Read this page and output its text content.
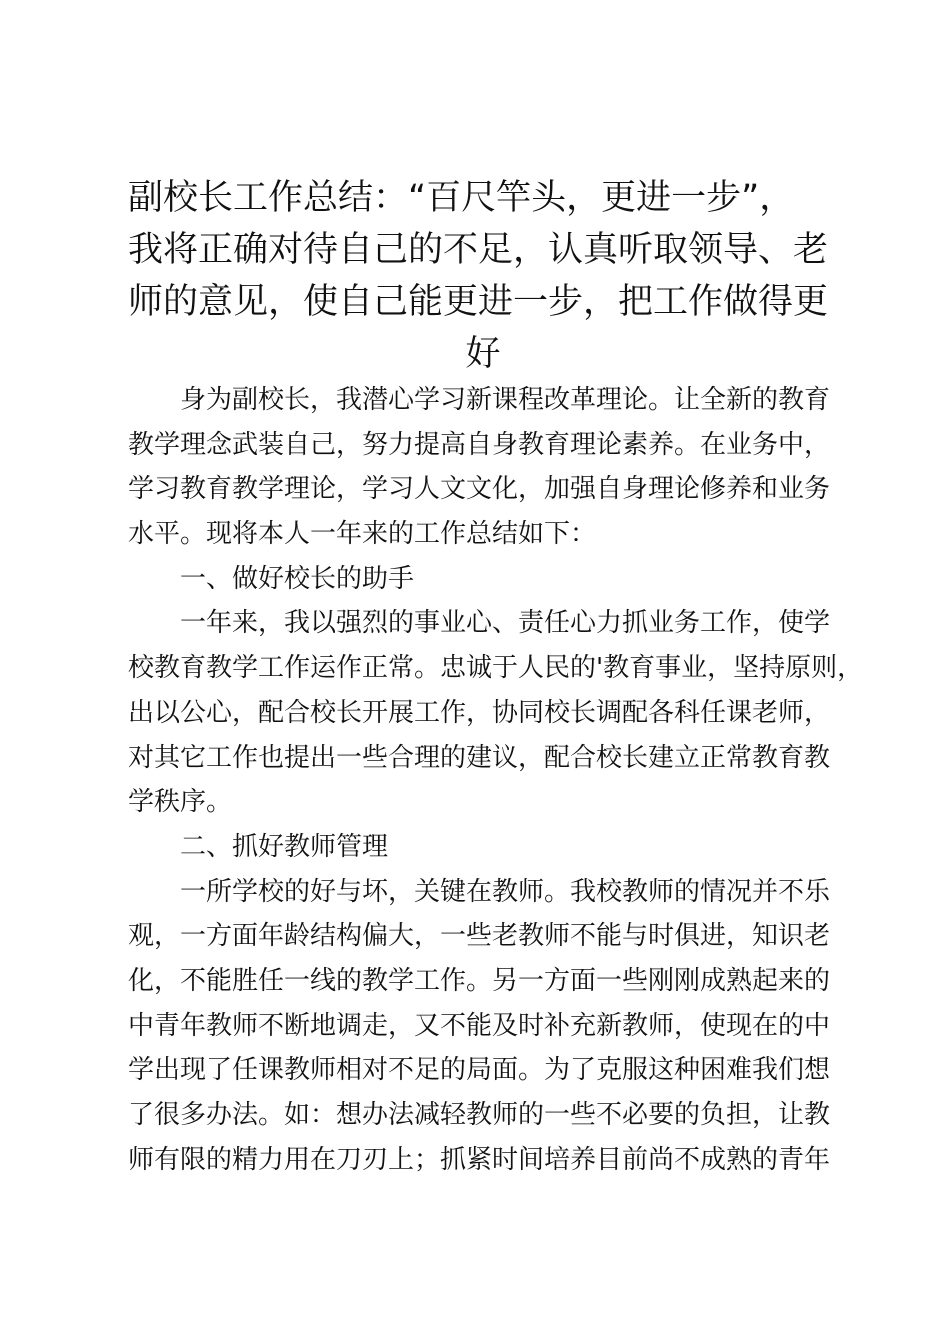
副校长工作总结：“百尺竿头，更进一步”，
我将正确对待自己的不足，认真听取领导、老
师的意见，使自己能更进一步，把工作做得更
好
身为副校长，我潜心学习新课程改革理论。让全新的教育
教学理念武装自己，努力提高自身教育理论素养。在业务中，
学习教育教学理论，学习人文文化，加强自身理论修养和业务
水平。现将本人一年来的工作总结如下：
一、做好校长的助手
一年来，我以强烈的事业心、责任心力抓业务工作，使学
校教育教学工作运作正常。忠诚于人民的'教育事业，坚持原则，
出以公心，配合校长开展工作，协同校长调配各科任课老师，
对其它工作也提出一些合理的建议，配合校长建立正常教育教
学秩序。
二、抓好教师管理
一所学校的好与坏，关键在教师。我校教师的情况并不乐
观，一方面年龄结构偏大，一些老教师不能与时俱进，知识老
化，不能胜任一线的教学工作。另一方面一些刚刚成熟起来的
中青年教师不断地调走，又不能及时补充新教师，使现在的中
学出现了任课教师相对不足的局面。为了克服这种困难我们想
了很多办法。如：想办法减轻教师的一些不必要的负担，让教
师有限的精力用在刀刃上；抓紧时间培养目前尚不成熟的青年
